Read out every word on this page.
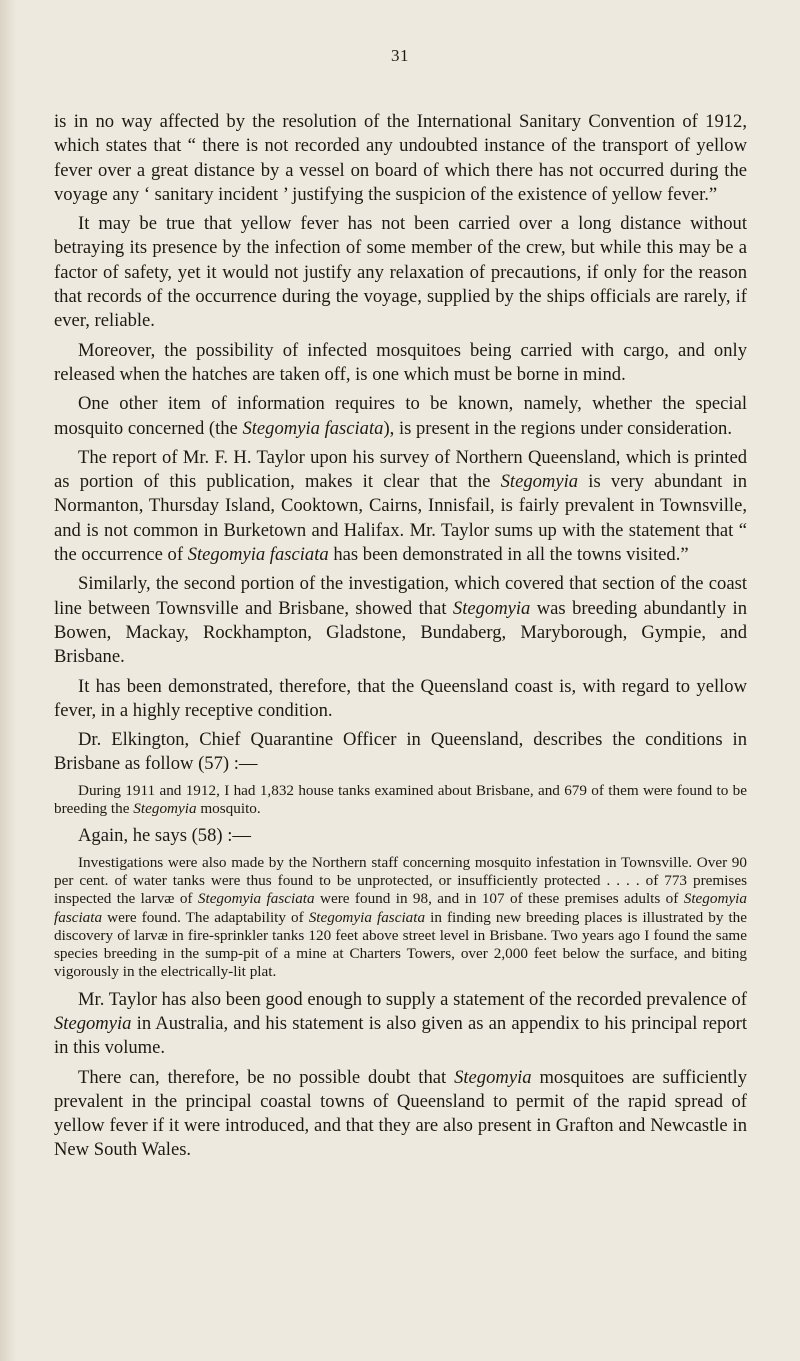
31

is in no way affected by the resolution of the International Sanitary Convention of 1912, which states that “ there is not recorded any undoubted instance of the transport of yellow fever over a great distance by a vessel on board of which there has not occurred during the voyage any ‘ sanitary incident ’ justifying the suspicion of the existence of yellow fever.”

It may be true that yellow fever has not been carried over a long distance without betraying its presence by the infection of some member of the crew, but while this may be a factor of safety, yet it would not justify any relaxation of precautions, if only for the reason that records of the occurrence during the voyage, supplied by the ships officials are rarely, if ever, reliable.

Moreover, the possibility of infected mosquitoes being carried with cargo, and only released when the hatches are taken off, is one which must be borne in mind.

One other item of information requires to be known, namely, whether the special mosquito concerned (the Stegomyia fasciata), is present in the regions under consideration.

The report of Mr. F. H. Taylor upon his survey of Northern Queensland, which is printed as portion of this publication, makes it clear that the Stegomyia is very abundant in Normanton, Thursday Island, Cooktown, Cairns, Innisfail, is fairly prevalent in Townsville, and is not common in Burketown and Halifax. Mr. Taylor sums up with the statement that “ the occurrence of Stegomyia fasciata has been demonstrated in all the towns visited.”

Similarly, the second portion of the investigation, which covered that section of the coast line between Townsville and Brisbane, showed that Stegomyia was breeding abundantly in Bowen, Mackay, Rockhampton, Gladstone, Bundaberg, Maryborough, Gympie, and Brisbane.

It has been demonstrated, therefore, that the Queensland coast is, with regard to yellow fever, in a highly receptive condition.

Dr. Elkington, Chief Quarantine Officer in Queensland, describes the conditions in Brisbane as follow (57) :—

During 1911 and 1912, I had 1,832 house tanks examined about Brisbane, and 679 of them were found to be breeding the Stegomyia mosquito.

Again, he says (58) :—

Investigations were also made by the Northern staff concerning mosquito infestation in Townsville. Over 90 per cent. of water tanks were thus found to be unprotected, or insufficiently protected . . . . of 773 premises inspected the larvæ of Stegomyia fasciata were found in 98, and in 107 of these premises adults of Stegomyia fasciata were found. The adaptability of Stegomyia fasciata in finding new breeding places is illustrated by the discovery of larvæ in fire-sprinkler tanks 120 feet above street level in Brisbane. Two years ago I found the same species breeding in the sump-pit of a mine at Charters Towers, over 2,000 feet below the surface, and biting vigorously in the electrically-lit plat.

Mr. Taylor has also been good enough to supply a statement of the recorded prevalence of Stegomyia in Australia, and his statement is also given as an appendix to his principal report in this volume.

There can, therefore, be no possible doubt that Stegomyia mosquitoes are sufficiently prevalent in the principal coastal towns of Queensland to permit of the rapid spread of yellow fever if it were introduced, and that they are also present in Grafton and Newcastle in New South Wales.
